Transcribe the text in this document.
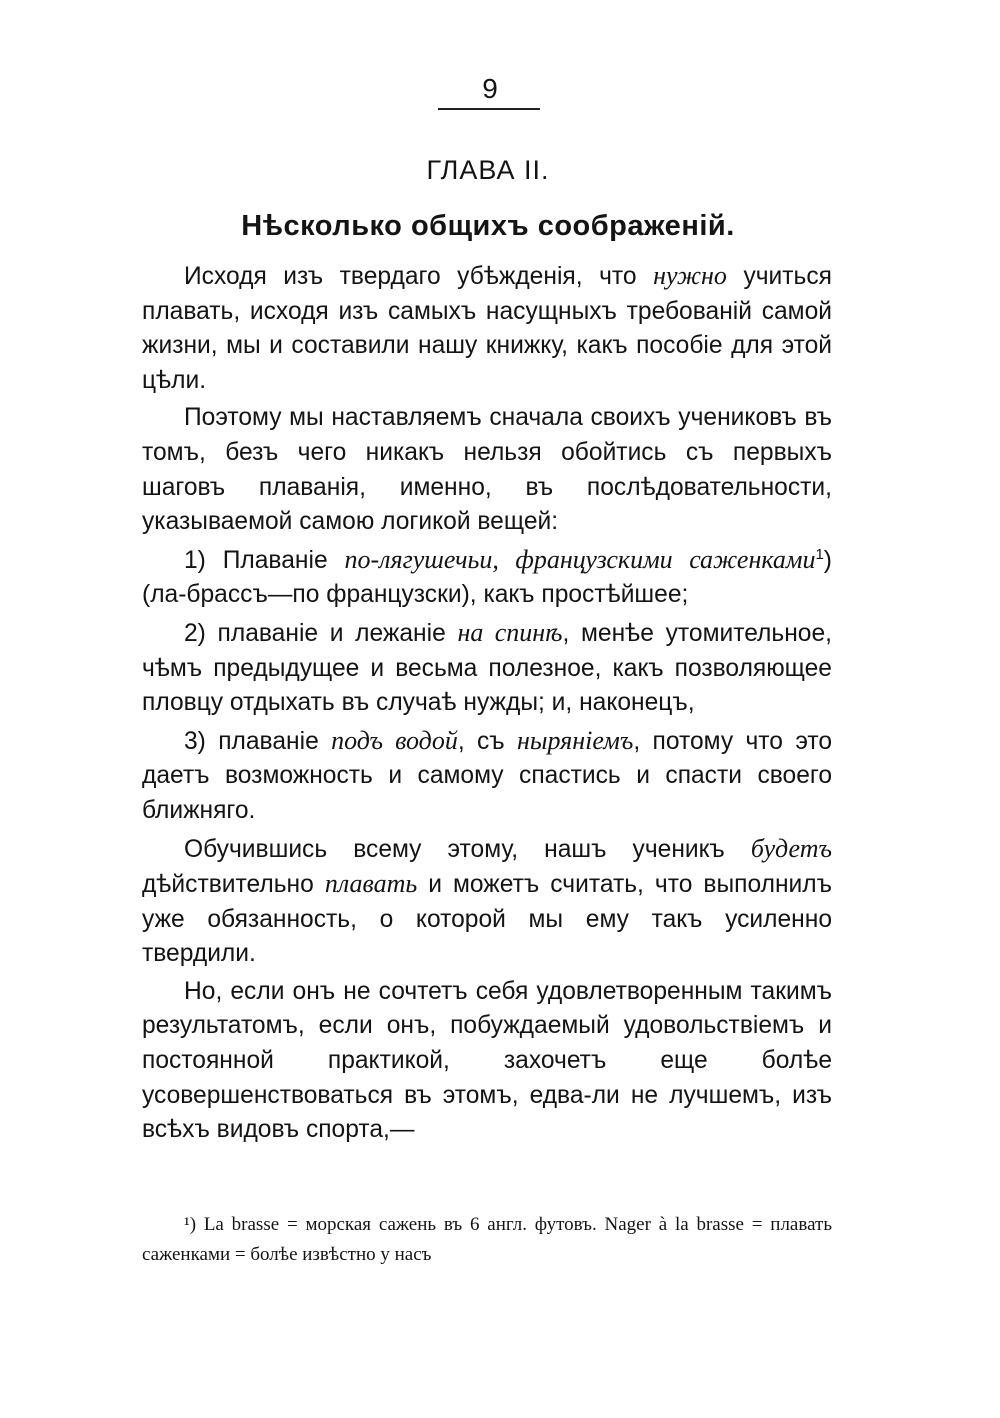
9
ГЛАВА II.
Нѣсколько общихъ соображенiй.

Исходя изъ твердаго убѣжденiя, что нужно учиться плавать, исходя изъ самыхъ насущныхъ требованiй самой жизни, мы и составили нашу книжку, какъ пособiе для этой цѣли.

Поэтому мы наставляемъ сначала своихъ учениковъ въ томъ, безъ чего никакъ нельзя обойтись съ первыхъ шаговъ плаванiя, именно, въ послѣдовательности, указываемой самою логикой вещей:

1) Плаванiе по-лягушечьи, французскими саженками$^1$) (ла-брассъ—по французски), какъ простѣйшее;

2) плаванiе и лежанiе на спинѣ, менѣе утомительное, чѣмъ предыдущее и весьма полезное, какъ позволяющее пловцу отдыхать въ случаѣ нужды; и, наконецъ,

3) плаванiе подъ водой, съ нырянiемъ, потому что это даетъ возможность и самому спастись и спасти своего ближняго.

Обучившись всему этому, нашъ ученикъ будетъ дѣйствительно плавать и можетъ считать, что выполнилъ уже обязанность, о которой мы ему такъ усиленно твердили.

Но, если онъ не сочтетъ себя удовлетворенным такимъ результатомъ, если онъ, побуждаемый удовольствiемъ и постоянной практикой, захочетъ еще болѣе усовершенствоваться въ этомъ, едва-ли не лучшемъ, изъ всѣхъ видовъ спорта,—

¹) La brasse = морская сажень въ 6 англ. футовъ. Nager à la brasse = плавать саженками = болѣе извѣстно у насъ
